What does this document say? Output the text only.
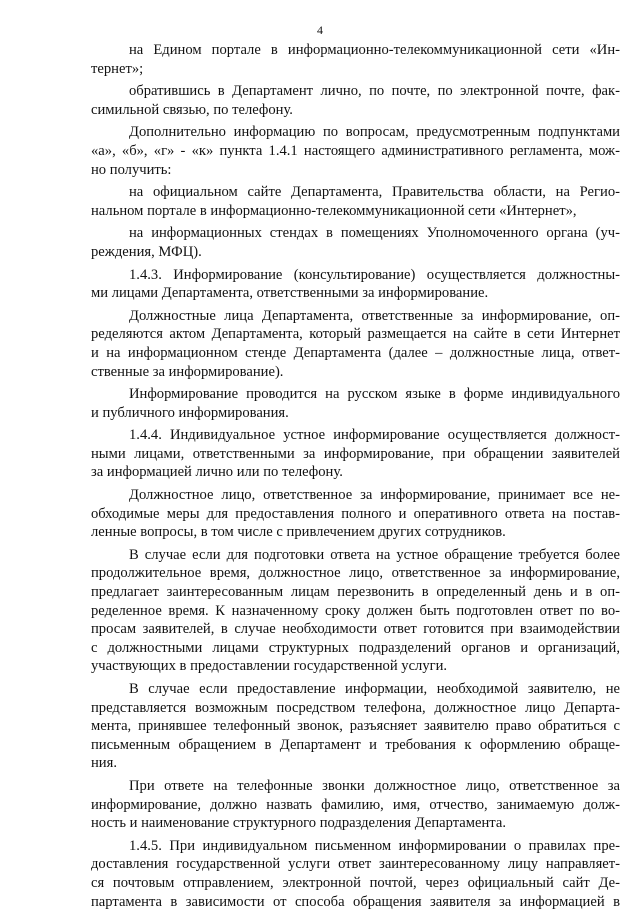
4
на Едином портале в информационно-телекоммуникационной сети «Ин-
тернет»;
обратившись в Департамент лично, по почте, по электронной почте, фак-
симильной связью, по телефону.
Дополнительно информацию по вопросам, предусмотренным подпунктами
«а», «б», «г» - «к» пункта 1.4.1 настоящего административного регламента, мож-
но получить:
на официальном сайте Департамента, Правительства области, на Регио-
нальном портале в информационно-телекоммуникационной сети «Интернет»,
на информационных стендах в помещениях Уполномоченного органа (уч-
реждения, МФЦ).
1.4.3. Информирование (консультирование) осуществляется должностны-
ми лицами Департамента, ответственными за информирование.
Должностные лица Департамента, ответственные за информирование, оп-
ределяются актом Департамента, который размещается на сайте в сети Интернет
и на информационном стенде Департамента (далее – должностные лица, ответ-
ственные за информирование).
Информирование проводится на русском языке в форме индивидуального
и публичного информирования.
1.4.4. Индивидуальное устное информирование осуществляется должност-
ными лицами, ответственными за информирование, при обращении заявителей
за информацией лично или по телефону.
Должностное лицо, ответственное за информирование, принимает все не-
обходимые меры для предоставления полного и оперативного ответа на постав-
ленные вопросы, в том числе с привлечением других сотрудников.
В случае если для подготовки ответа на устное обращение требуется более
продолжительное время, должностное лицо, ответственное за информирование,
предлагает заинтересованным лицам перезвонить в определенный день и в оп-
ределенное время. К назначенному сроку должен быть подготовлен ответ по во-
просам заявителей, в случае необходимости ответ готовится при взаимодействии
с должностными лицами структурных подразделений органов и организаций,
участвующих в предоставлении государственной услуги.
В случае если предоставление информации, необходимой заявителю, не
представляется возможным посредством телефона, должностное лицо Департа-
мента, принявшее телефонный звонок, разъясняет заявителю право обратиться с
письменным обращением в Департамент и требования к оформлению обраще-
ния.
При ответе на телефонные звонки должностное лицо, ответственное за
информирование, должно назвать фамилию, имя, отчество, занимаемую долж-
ность и наименование структурного подразделения Департамента.
1.4.5. При индивидуальном письменном информировании о правилах пре-
доставления государственной услуги ответ заинтересованному лицу направляет-
ся почтовым отправлением, электронной почтой, через официальный сайт Де-
партамента в зависимости от способа обращения заявителя за информацией в
